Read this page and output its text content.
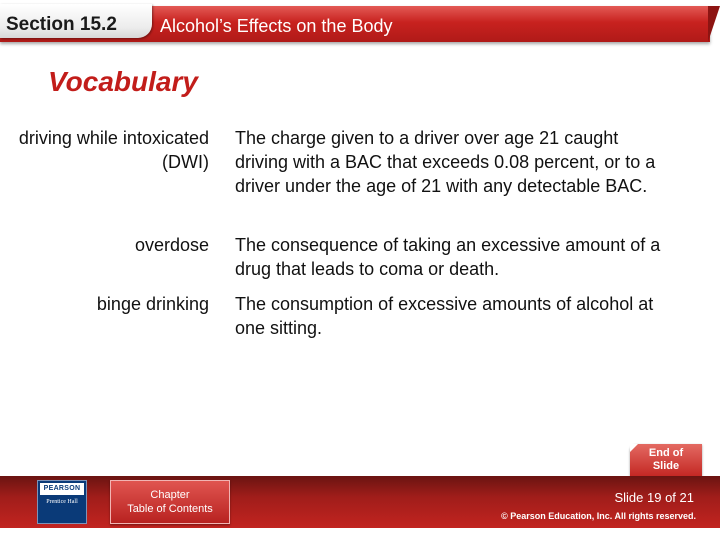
Section 15.2 Alcohol’s Effects on the Body
Vocabulary
driving while intoxicated (DWI)
The charge given to a driver over age 21 caught driving with a BAC that exceeds 0.08 percent, or to a driver under the age of 21 with any detectable BAC.
overdose The consequence of taking an excessive amount of a drug that leads to coma or death.
binge drinking The consumption of excessive amounts of alcohol at one sitting.
End of
Slide
PEARSON
Prentice Hall
Chapter
Table of Contents
Slide 19 of 21
© Pearson Education, Inc. All rights reserved.
